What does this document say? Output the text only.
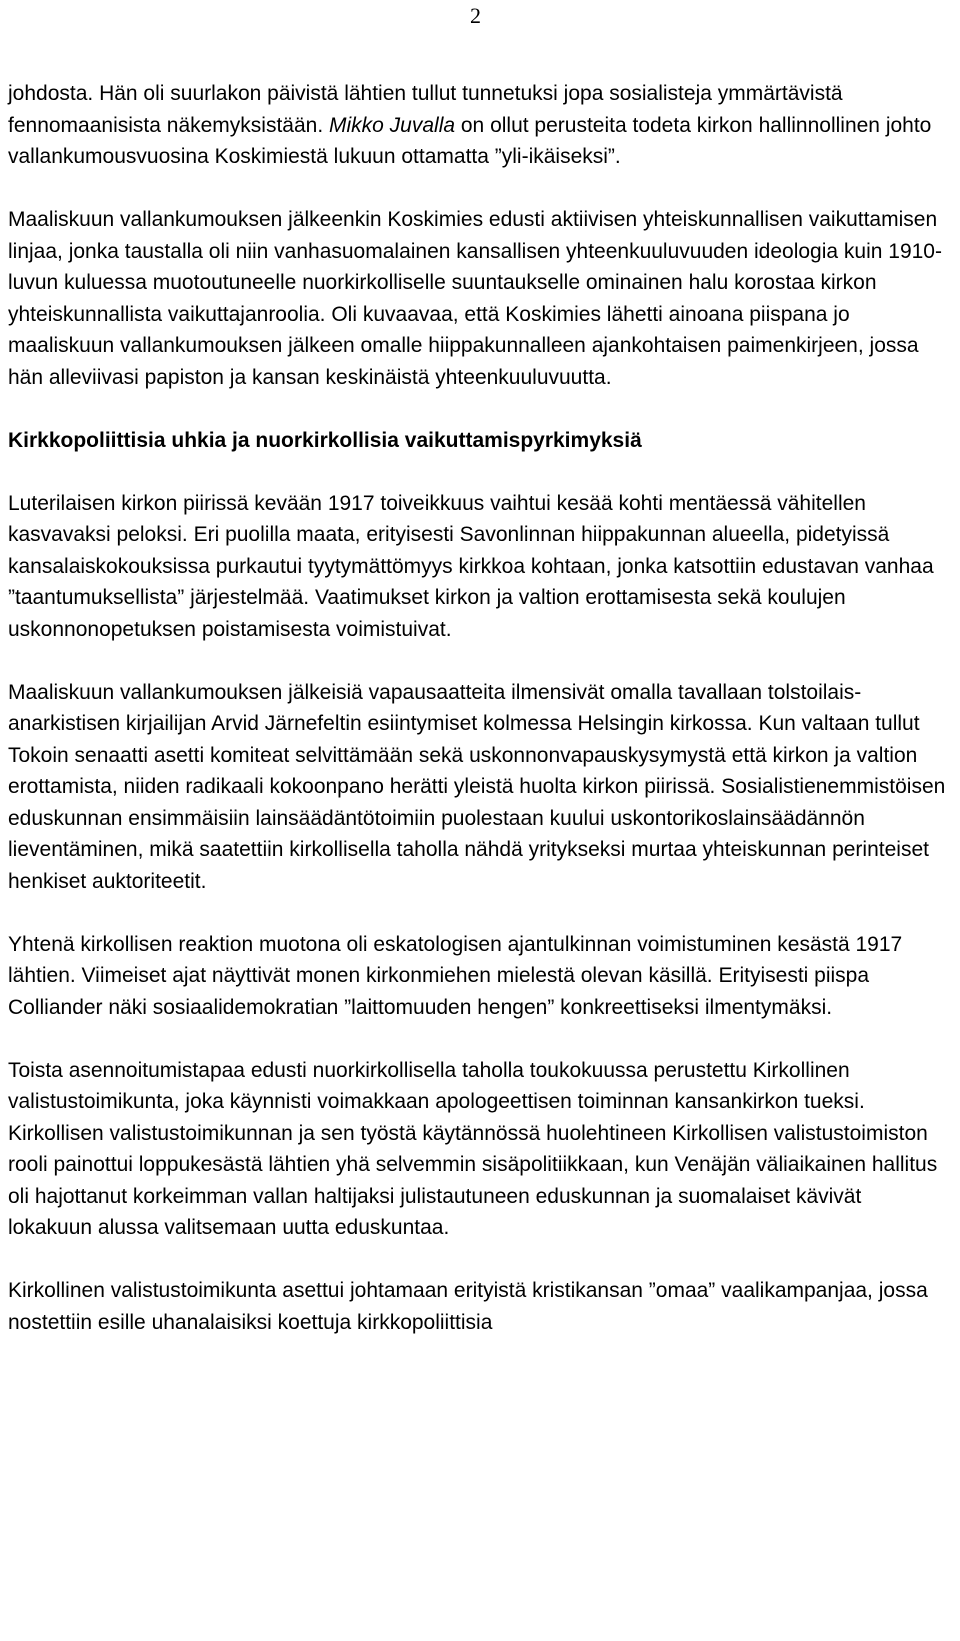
2

johdosta. Hän oli suurlakon päivistä lähtien tullut tunnetuksi jopa sosialisteja ymmärtävistä fennomaanisista näkemyksistään. Mikko Juvalla on ollut perusteita todeta kirkon hallinnollinen johto vallankumousvuosina Koskimiestä lukuun ottamatta ”yli-ikäiseksi”.

Maaliskuun vallankumouksen jälkeenkin Koskimies edusti aktiivisen yhteiskunnallisen vaikuttamisen linjaa, jonka taustalla oli niin vanhasuomalainen kansallisen yhteenkuuluvuuden ideologia kuin 1910-luvun kuluessa muotoutuneelle nuorkirkolliselle suuntaukselle ominainen halu korostaa kirkon yhteiskunnallista vaikuttajanroolia. Oli kuvaavaa, että Koskimies lähetti ainoana piispana jo maaliskuun vallankumouksen jälkeen omalle hiippakunnalleen ajankohtaisen paimenkirjeen, jossa hän alleviivasi papiston ja kansan keskinäistä yhteenkuuluvuutta.

Kirkkopoliittisia uhkia ja nuorkirkollisia vaikuttamispyrkimyksiä

Luterilaisen kirkon piirissä kevään 1917 toiveikkuus vaihtui kesää kohti mentäessä vähitellen kasvavaksi peloksi. Eri puolilla maata, erityisesti Savonlinnan hiippakunnan alueella, pidetyissä kansalaiskokouksissa purkautui tyytymättömyys kirkkoa kohtaan, jonka katsottiin edustavan vanhaa ”taantumuksellista” järjestelmää. Vaatimukset kirkon ja valtion erottamisesta sekä koulujen uskonnonopetuksen poistamisesta voimistuivat.

Maaliskuun vallankumouksen jälkeisiä vapausaatteita ilmensivät omalla tavallaan tolstoilais-anarkistisen kirjailijan Arvid Järnefeltin esiintymiset kolmessa Helsingin kirkossa. Kun valtaan tullut Tokoin senaatti asetti komiteat selvittämään sekä uskonnonvapauskysymystä että kirkon ja valtion erottamista, niiden radikaali kokoonpano herätti yleistä huolta kirkon piirissä. Sosialistienemmistöisen eduskunnan ensimmäisiin lainsäädäntötoimiin puolestaan kuului uskontorikoslainsäädännön lieventäminen, mikä saatettiin kirkollisella taholla nähdä yritykseksi murtaa yhteiskunnan perinteiset henkiset auktoriteetit.

Yhtenä kirkollisen reaktion muotona oli eskatologisen ajantulkinnan voimistuminen kesästä 1917 lähtien. Viimeiset ajat näyttivät monen kirkonmiehen mielestä olevan käsillä. Erityisesti piispa Colliander näki sosiaalidemokratian ”laittomuuden hengen” konkreettiseksi ilmentymäksi.

Toista asennoitumistapaa edusti nuorkirkollisella taholla toukokuussa perustettu Kirkollinen valistustoimikunta, joka käynnisti voimakkaan apologeettisen toiminnan kansankirkon tueksi. Kirkollisen valistustoimikunnan ja sen työstä käytännössä huolehtineen Kirkollisen valistustoimiston rooli painottui loppukesästä lähtien yhä selvemmin sisäpolitiikkaan, kun Venäjän väliaikainen hallitus oli hajottanut korkeimman vallan haltijaksi julistautuneen eduskunnan ja suomalaiset kävivät lokakuun alussa valitsemaan uutta eduskuntaa.

Kirkollinen valistustoimikunta asettui johtamaan erityistä kristikansan ”omaa” vaalikampanjaa, jossa nostettiin esille uhanalaisiksi koettuja kirkkopoliittisia
